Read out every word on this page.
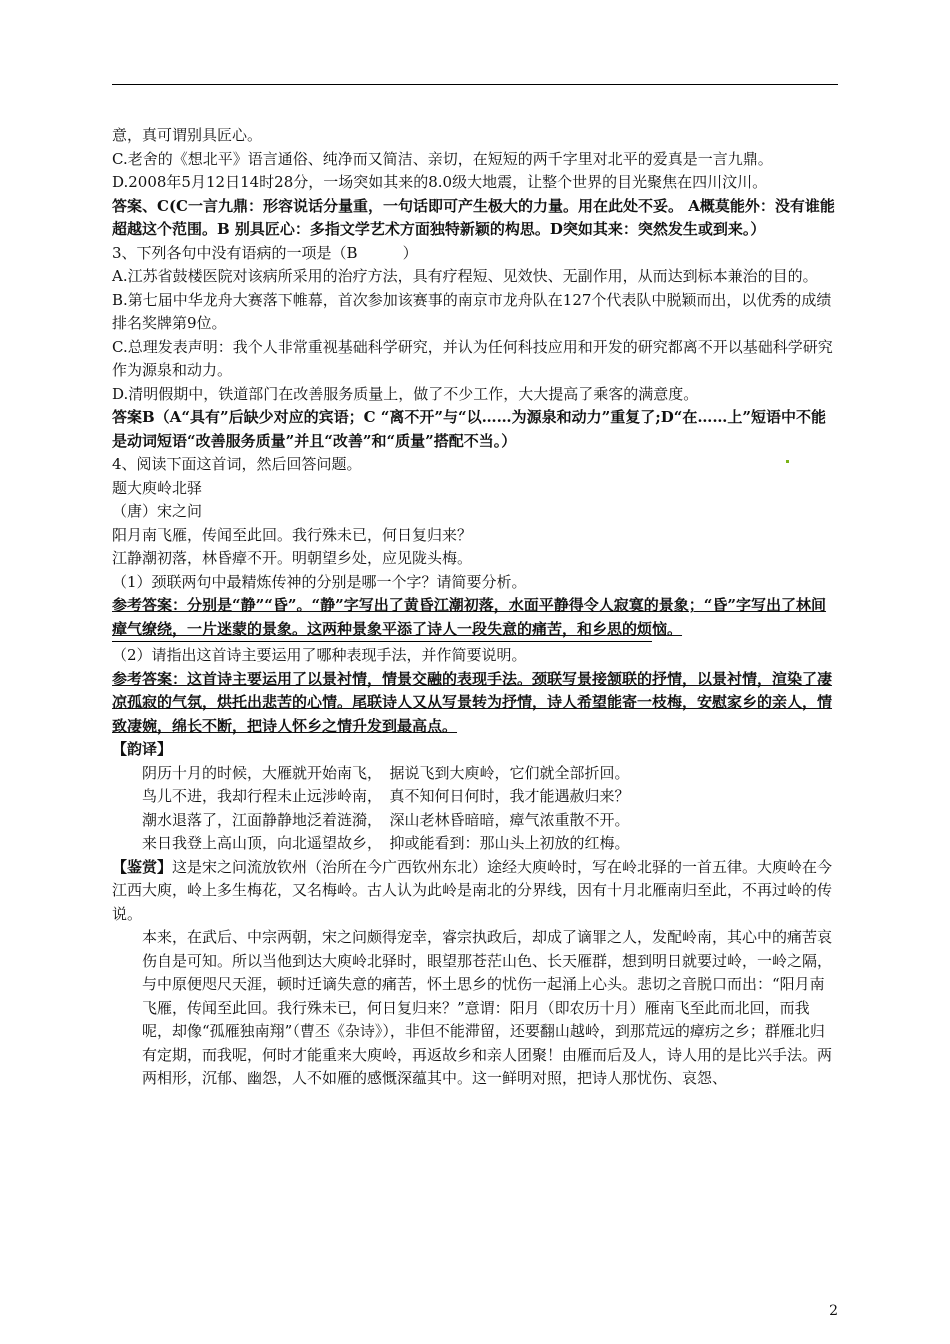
意，真可谓别具匠心。

C.老舍的《想北平》语言通俗、纯净而又简洁、亲切，在短短的两千字里对北平的爱真是一言九鼎。

D.2008年5月12日14时28分，一场突如其来的8.0级大地震，让整个世界的目光聚焦在四川汶川。

答案、C(C一言九鼎：形容说话分量重，一句话即可产生极大的力量。用在此处不妥。 A概莫能外：没有谁能超越这个范围。B 别具匠心：多指文学艺术方面独特新颖的构思。D突如其来：突然发生或到来。）

3、下列各句中没有语病的一项是（B　　　）

A.江苏省鼓楼医院对该病所采用的治疗方法，具有疗程短、见效快、无副作用，从而达到标本兼治的目的。

B.第七届中华龙舟大赛落下帷幕，首次参加该赛事的南京市龙舟队在127个代表队中脱颖而出，以优秀的成绩排名奖牌第9位。

C.总理发表声明：我个人非常重视基础科学研究，并认为任何科技应用和开发的研究都离不开以基础科学研究作为源泉和动力。

D.清明假期中，铁道部门在改善服务质量上，做了不少工作，大大提高了乘客的满意度。

答案B（A“具有”后缺少对应的宾语；C “离不开”与“以……为源泉和动力”重复了;D“在……上”短语中不能是动词短语“改善服务质量”并且“改善”和“质量”搭配不当。）

4、阅读下面这首词，然后回答问题。

题大庾岭北驿

（唐）宋之问

阳月南飞雁，传闻至此回。我行殊未已，何日复归来？

江静潮初落，林昏瘴不开。明朝望乡处，应见陇头梅。

（1）颈联两句中最精炼传神的分别是哪一个字？请简要分析。

参考答案：分别是“静”“昏”。“静”字写出了黄昏江潮初落，水面平静得令人寂寞的景象；“昏”字写出了林间瘴气缭绕，一片迷蒙的景象。这两种景象平添了诗人一段失意的痛苦，和乡思的烦恼。

（2）请指出这首诗主要运用了哪种表现手法，并作简要说明。

参考答案：这首诗主要运用了以景衬情，情景交融的表现手法。颈联写景接颔联的抒情，以景衬情，渲染了凄凉孤寂的气氛，烘托出悲苦的心情。尾联诗人又从写景转为抒情，诗人希望能寄一枝梅，安慰家乡的亲人，情致凄婉，绵长不断，把诗人怀乡之情升发到最高点。

【韵译】

阴历十月的时候，大雁就开始南飞，　据说飞到大庾岭，它们就全部折回。

鸟儿不进，我却行程未止远涉岭南，　真不知何日何时，我才能遇赦归来？

潮水退落了，江面静静地泛着涟漪，　深山老林昏暗暗，瘴气浓重散不开。

来日我登上高山顶，向北遥望故乡，　抑或能看到：那山头上初放的红梅。

【鉴赏】这是宋之问流放钦州（治所在今广西钦州东北）途经大庾岭时，写在岭北驿的一首五律。大庾岭在今江西大庾，岭上多生梅花，又名梅岭。古人认为此岭是南北的分界线，因有十月北雁南归至此，不再过岭的传说。

本来，在武后、中宗两朝，宋之问颇得宠幸，睿宗执政后，却成了谪罪之人，发配岭南，其心中的痛苦哀伤自是可知。所以当他到达大庾岭北驿时，眼望那苍茫山色、长天雁群，想到明日就要过岭，一岭之隔，与中原便咫尺天涯，顿时迁谪失意的痛苦，怀土思乡的忧伤一起涌上心头。悲切之音脱口而出：“阳月南飞雁，传闻至此回。我行殊未已，何日复归来？”意谓：阳月（即农历十月）雁南飞至此而北回，而我呢，却像“孤雁独南翔”（曹丕《杂诗》），非但不能滞留，还要翻山越岭，到那荒远的瘴疠之乡；群雁北归有定期，而我呢，何时才能重来大庾岭，再返故乡和亲人团聚！由雁而后及人，诗人用的是比兴手法。两两相形，沉郁、幽怨，人不如雁的感慨深蕴其中。这一鲜明对照，把诗人那忧伤、哀怨、

2
